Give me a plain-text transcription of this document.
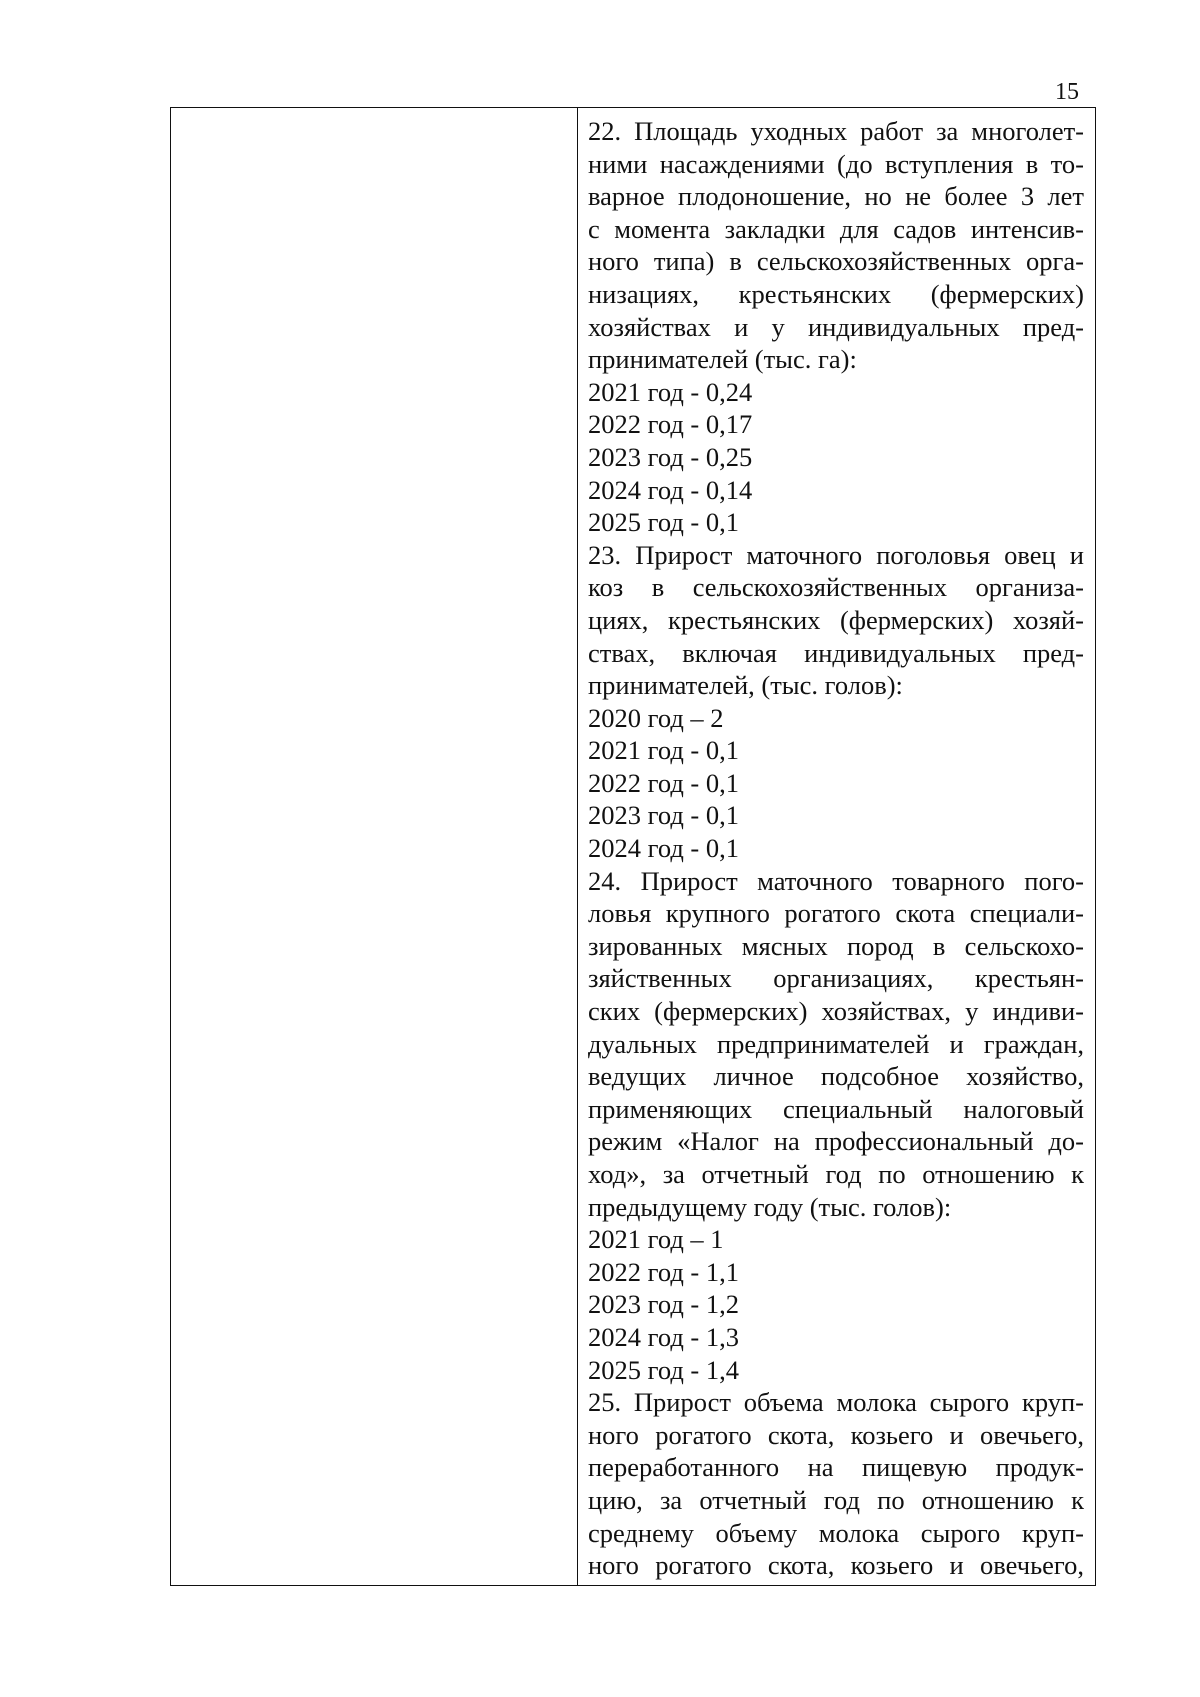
15
22. Площадь уходных работ за многолет-
ними насаждениями (до вступления в то-
варное плодоношение, но не более 3 лет
с момента закладки для садов интенсив-
ного типа) в сельскохозяйственных орга-
низациях, крестьянских (фермерских)
хозяйствах и у индивидуальных пред-
принимателей (тыс. га):
2021 год - 0,24
2022 год - 0,17
2023 год - 0,25
2024 год - 0,14
2025 год - 0,1
23. Прирост маточного поголовья овец и
коз в сельскохозяйственных организа-
циях, крестьянских (фермерских) хозяй-
ствах, включая индивидуальных пред-
принимателей, (тыс. голов):
2020 год – 2
2021 год - 0,1
2022 год - 0,1
2023 год - 0,1
2024 год - 0,1
24. Прирост маточного товарного пого-
ловья крупного рогатого скота специали-
зированных мясных пород в сельскохо-
зяйственных организациях, крестьян-
ских (фермерских) хозяйствах, у индиви-
дуальных предпринимателей и граждан,
ведущих личное подсобное хозяйство,
применяющих специальный налоговый
режим «Налог на профессиональный до-
ход», за отчетный год по отношению к
предыдущему году (тыс. голов):
2021 год – 1
2022 год - 1,1
2023 год - 1,2
2024 год - 1,3
2025 год - 1,4
25. Прирост объема молока сырого круп-
ного рогатого скота, козьего и овечьего,
переработанного на пищевую продук-
цию, за отчетный год по отношению к
среднему объему молока сырого круп-
ного рогатого скота, козьего и овечьего,
